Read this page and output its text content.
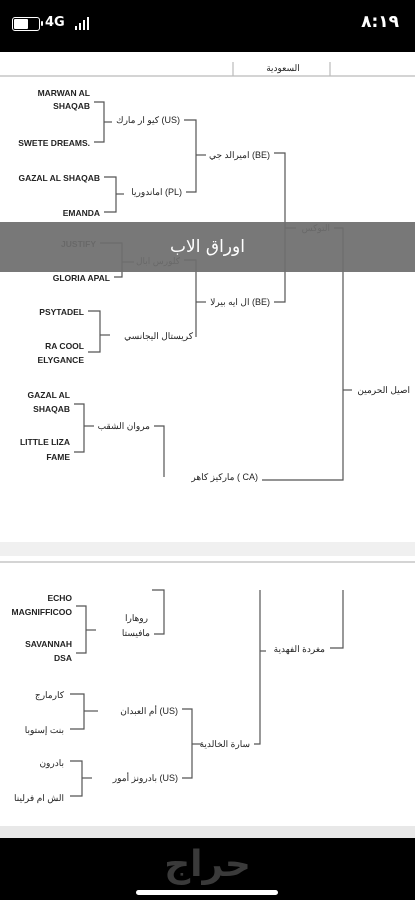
4G	٨:١٩
السعودية
MARWAN AL
SHAQAB
SWETE DREAMS.
GAZAL AL SHAQAB
EMANDA
GLORIA APAL
PSYTADEL
RA COOL
ELYGANCE
GAZAL AL
SHAQAB
LITTLE LIZA
FAME
كيو ار مارك (US)
اماندوريا (PL)
كريستال اليجانسي
مروان الشقب
اميرالد جي (BE)
ال ايه بيرلا (BE)
ماركيز كاهر ( CA)
اصيل الحرمين
ECHO
MAGNIFFICOO
SAVANNAH
DSA
كارمارج
بنت إستوبا
بادرون
الش ام فرلينا
روهارا
مافيستا
أم العبدان (US)
بادرونز أمور (US)
سارة الخالدية
مغردة الفهدية
اوراق الاب
حراج
